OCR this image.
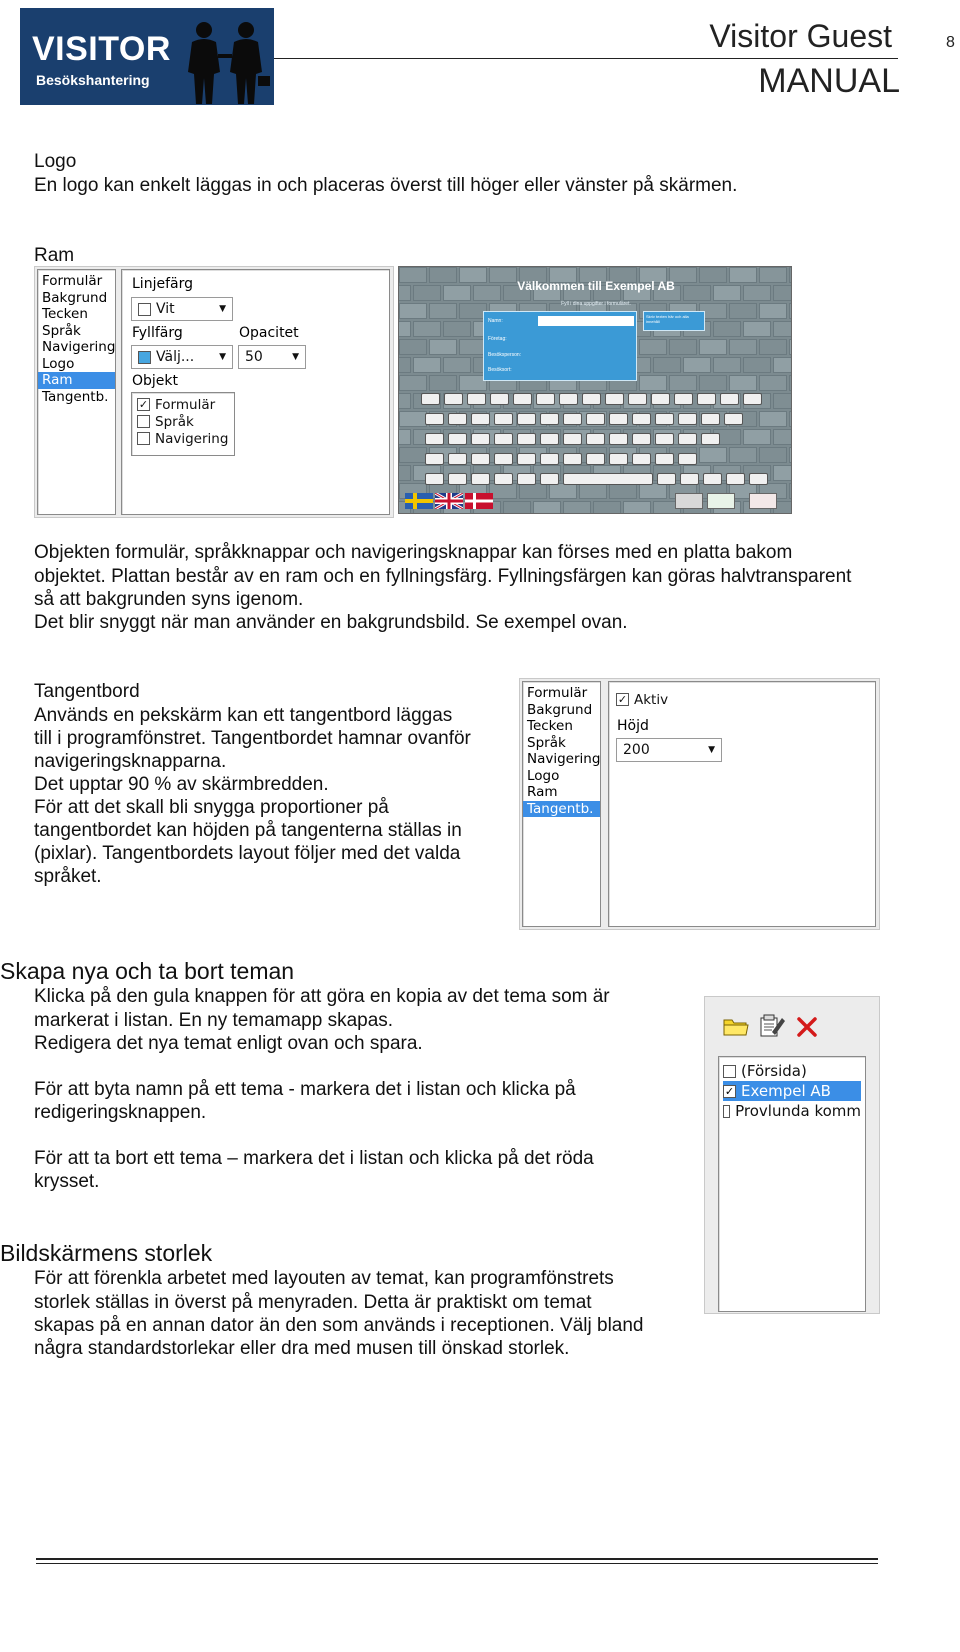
VISITOR
Besökshantering
Visitor Guest
MANUAL
8
Logo
En logo kan enkelt läggas in och placeras överst till höger eller vänster på skärmen.
Ram
Formulär
Bakgrund
Tecken
Språk
Navigering
Logo
Ram
Tangentb.
Linjefärg
Vit	▼
Fyllfärg
Välj...	▼
Opacitet
50	▼
Objekt
✓ Formulär
Språk
Navigering
Välkommen till Exempel AB
Fyll i dina uppgifter i formuläret.
Namn:
Företag:
Besöksperson:
Besöksort:
Skriv texten här och alla innehåll
Objekten formulär, språkknappar och navigeringsknappar kan förses med en platta bakom
objektet. Plattan består av en ram och en fyllningsfärg. Fyllningsfärgen kan göras halvtransparent
så att bakgrunden syns igenom.
Det blir snyggt när man använder en bakgrundsbild. Se exempel ovan.
Tangentbord
Används en pekskärm kan ett tangentbord läggas
till i programfönstret. Tangentbordet hamnar ovanför
navigeringsknapparna.
Det upptar 90 % av skärmbredden.
För att det skall bli snygga proportioner på
tangentbordet kan höjden på tangenterna ställas in
(pixlar). Tangentbordets layout följer med det valda
språket.
Formulär
Bakgrund
Tecken
Språk
Navigering
Logo
Ram
Tangentb.
✓ Aktiv
Höjd
200	▼
Skapa nya och ta bort teman
Klicka på den gula knappen för att göra en kopia av det tema som är
markerat i listan. En ny temamapp skapas.
Redigera det nya temat enligt ovan och spara.
För att byta namn på ett tema - markera det i listan och klicka på
redigeringsknappen.
För att ta bort ett tema – markera det i listan och klicka på det röda
krysset.
(Försida)
✓ Exempel AB
Provlunda komm
Bildskärmens storlek
För att förenkla arbetet med layouten av temat, kan programfönstrets
storlek ställas in överst på menyraden. Detta är praktiskt om temat
skapas på en annan dator än den som används i receptionen. Välj bland
några standardstorlekar eller dra med musen till önskad storlek.
